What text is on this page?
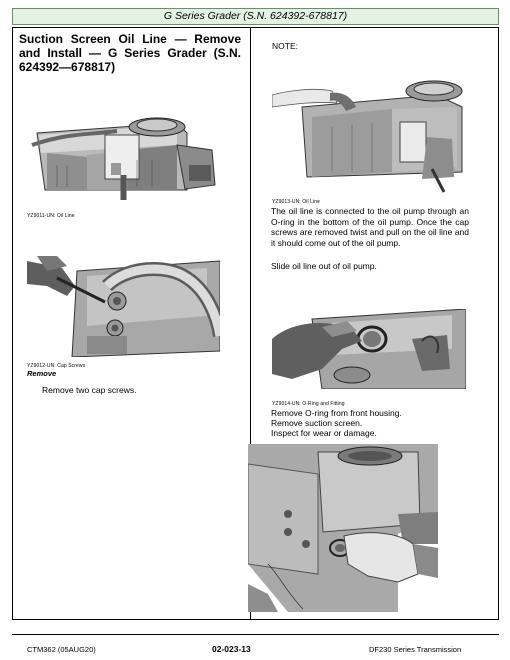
G Series Grader (S.N. 624392-678817)
Suction Screen Oil Line — Remove and Install — G Series Grader (S.N. 624392—678817)
NOTE:
YZ9011-UN: Oil Line
YZ9013-UN: Oil Line
The oil line is connected to the oil pump through an O-ring in the bottom of the oil pump. Once the cap screws are removed twist and pull on the oil line and it should come out of the oil pump.
Slide oil line out of oil pump.
YZ9012-UN: Cap Screws
Remove
Remove two cap screws.
YZ9014-UN: O-Ring and Fitting
Remove O-ring from front housing.
Remove suction screen.
Inspect for wear or damage.
CTM362 (05AUG20)	02-023-13	DF230 Series Transmission
